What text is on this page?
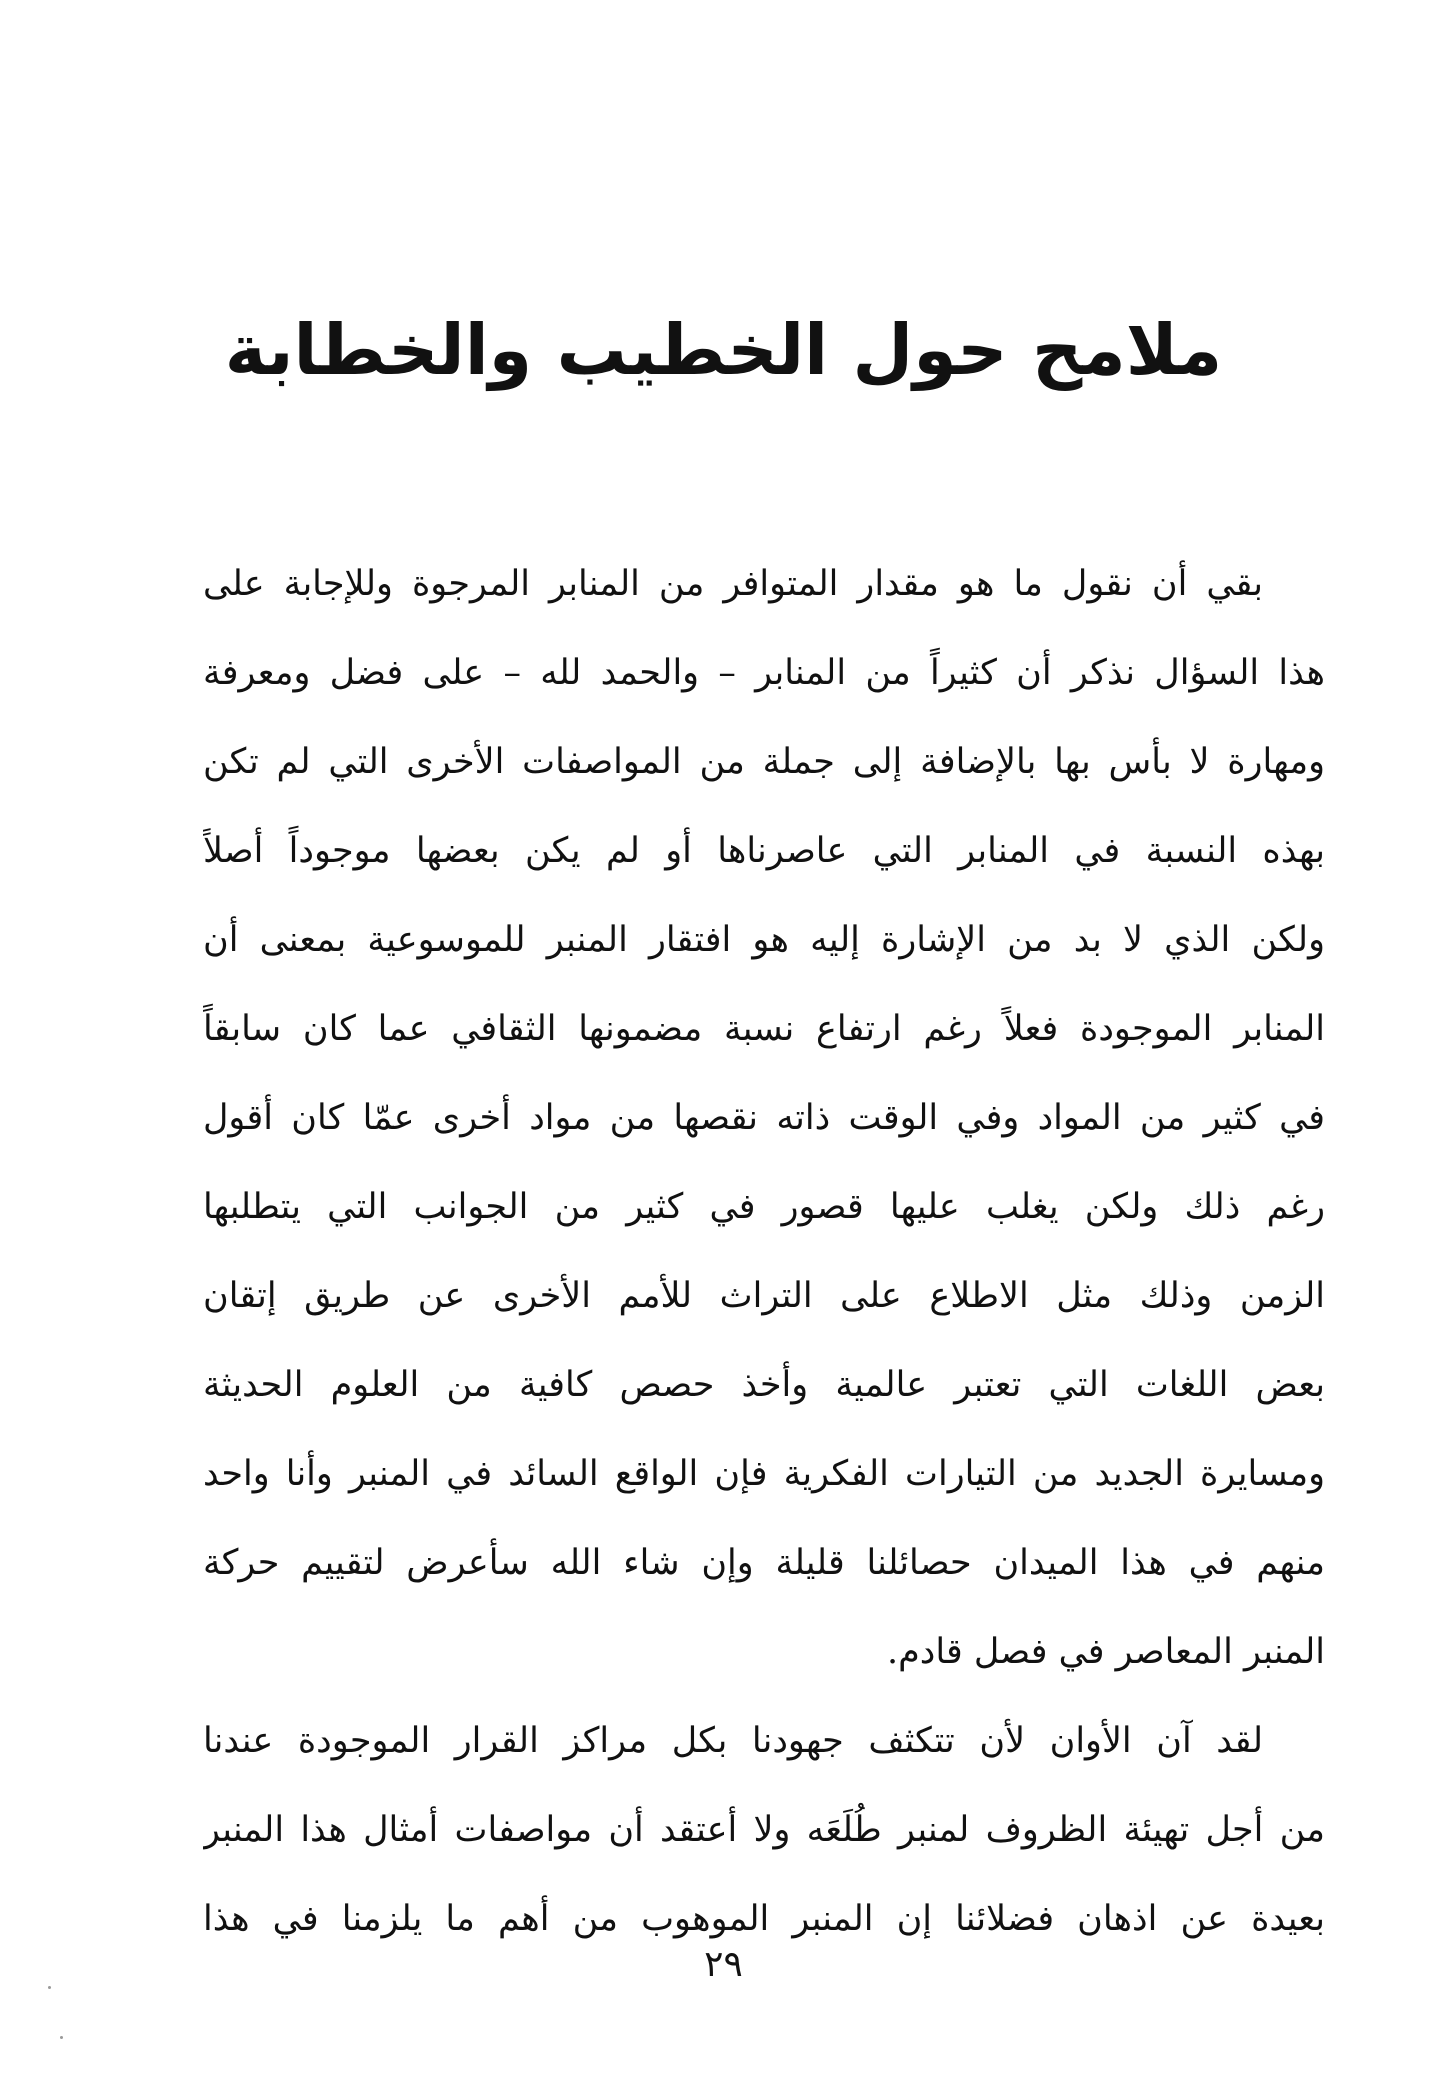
ملامح حول الخطيب والخطابة
بقي أن نقول ما هو مقدار المتوافر من المنابر المرجوة وللإجابة على
هذا السؤال نذكر أن كثيراً من المنابر – والحمد لله – على فضل ومعرفة
ومهارة لا بأس بها بالإضافة إلى جملة من المواصفات الأخرى التي لم تكن
بهذه النسبة في المنابر التي عاصرناها أو لم يكن بعضها موجوداً أصلاً
ولكن الذي لا بد من الإشارة إليه هو افتقار المنبر للموسوعية بمعنى أن
المنابر الموجودة فعلاً رغم ارتفاع نسبة مضمونها الثقافي عما كان سابقاً
في كثير من المواد وفي الوقت ذاته نقصها من مواد أخرى عمّا كان أقول
رغم ذلك ولكن يغلب عليها قصور في كثير من الجوانب التي يتطلبها
الزمن وذلك مثل الاطلاع على التراث للأمم الأخرى عن طريق إتقان
بعض اللغات التي تعتبر عالمية وأخذ حصص كافية من العلوم الحديثة
ومسايرة الجديد من التيارات الفكرية فإن الواقع السائد في المنبر وأنا واحد
منهم في هذا الميدان حصائلنا قليلة وإن شاء الله سأعرض لتقييم حركة
المنبر المعاصر في فصل قادم.
لقد آن الأوان لأن تتكثف جهودنا بكل مراكز القرار الموجودة عندنا
من أجل تهيئة الظروف لمنبر طُلَعَه ولا أعتقد أن مواصفات أمثال هذا المنبر
بعيدة عن اذهان فضلائنا إن المنبر الموهوب من أهم ما يلزمنا في هذا
٢٩
